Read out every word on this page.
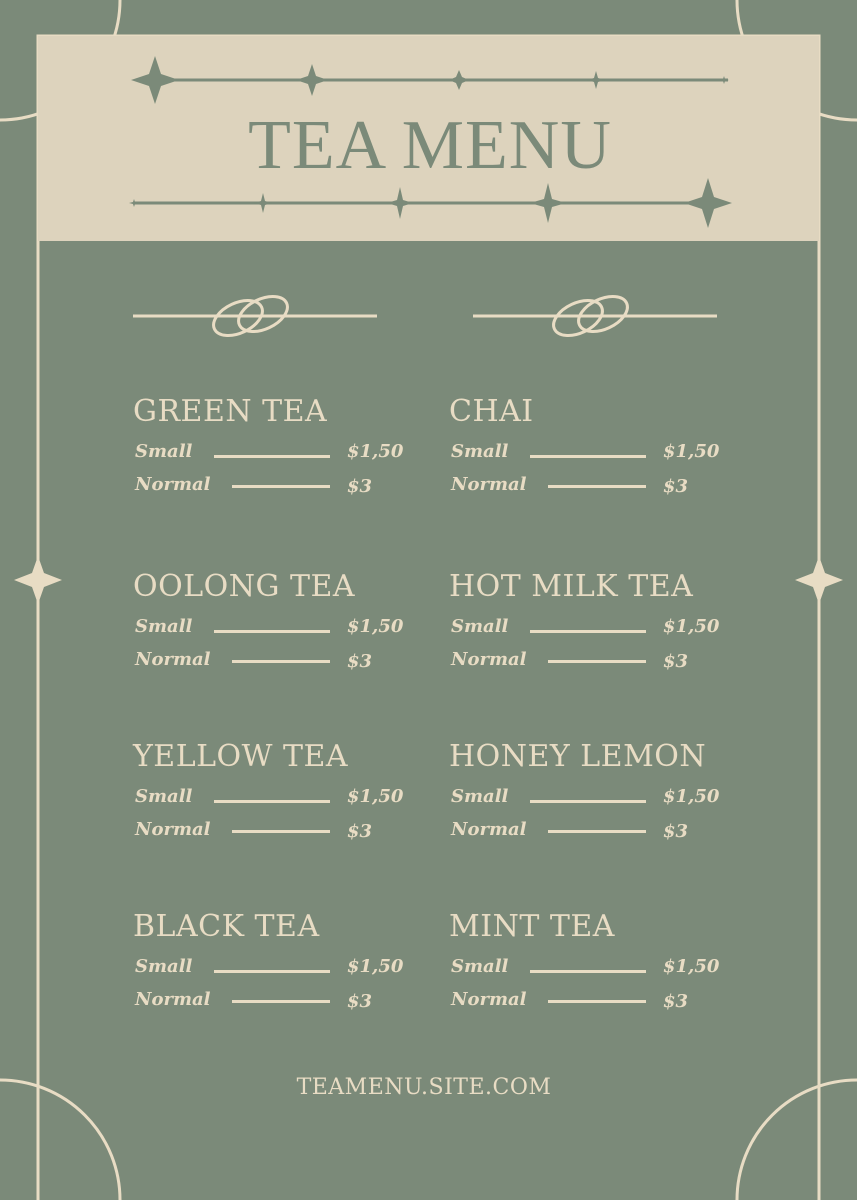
TEA MENU
GREEN TEA
Small	$1,50
Normal	$3
CHAI
Small	$1,50
Normal	$3
OOLONG TEA
Small	$1,50
Normal	$3
HOT MILK TEA
Small	$1,50
Normal	$3
YELLOW TEA
Small	$1,50
Normal	$3
HONEY LEMON
Small	$1,50
Normal	$3
BLACK TEA
Small	$1,50
Normal	$3
MINT TEA
Small	$1,50
Normal	$3
TEAMENU.SITE.COM
